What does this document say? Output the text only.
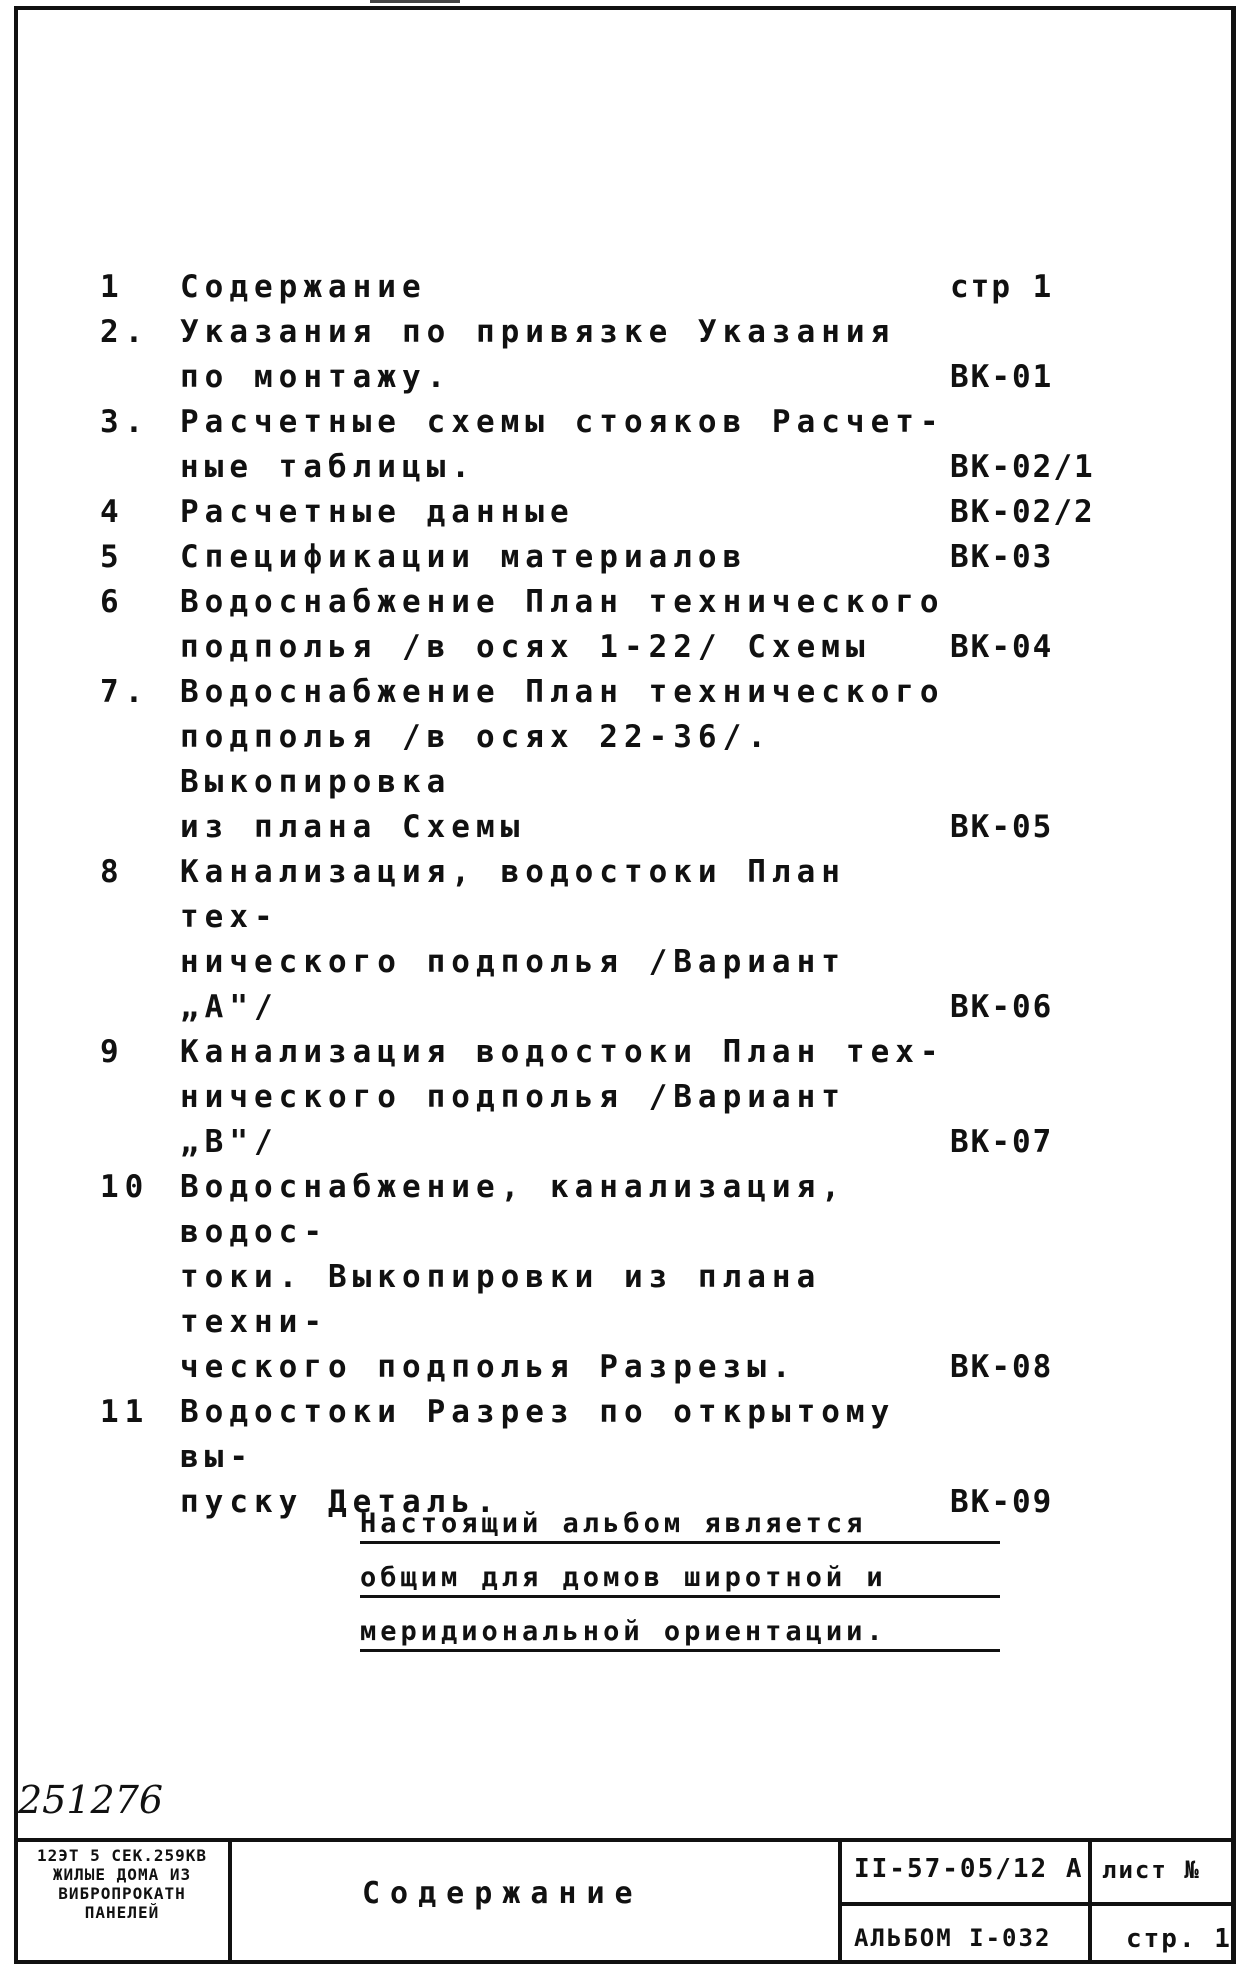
1	Содержание	стр 1
2. Указания по привязке Указания
по монтажу.	ВК-01
3. Расчетные схемы стояков Расчет-
ные таблицы.	ВК-02/1
4	Расчетные данные	ВК-02/2
5	Спецификации материалов	ВК-03
6	Водоснабжение План технического
подполья /в осях 1-22/ Схемы	ВК-04
7. Водоснабжение План технического
подполья /в осях 22-36/. Выкопировка
из плана Схемы	ВК-05
8	Канализация, водостоки План тех-
нического подполья /Вариант „А"/	ВК-06
9	Канализация водостоки План тех-
нического подполья /Вариант „В"/	ВК-07
10 Водоснабжение, канализация, водос-
токи. Выкопировки из плана техни-
ческого подполья Разрезы.	ВК-08
11 Водостоки Разрез по открытому вы-
пуску Деталь.	ВК-09
Настоящий альбом является
общим для домов широтной и
меридиональной ориентации.
251276
12ЭТ 5 СЕК.259КВ
ЖИЛЫЕ ДОМА ИЗ
ВИБРОПРОКАТН
ПАНЕЛЕЙ
Содержание
II-57-05/12 А
АЛЬБОМ I-032
лист №
стр. 1
